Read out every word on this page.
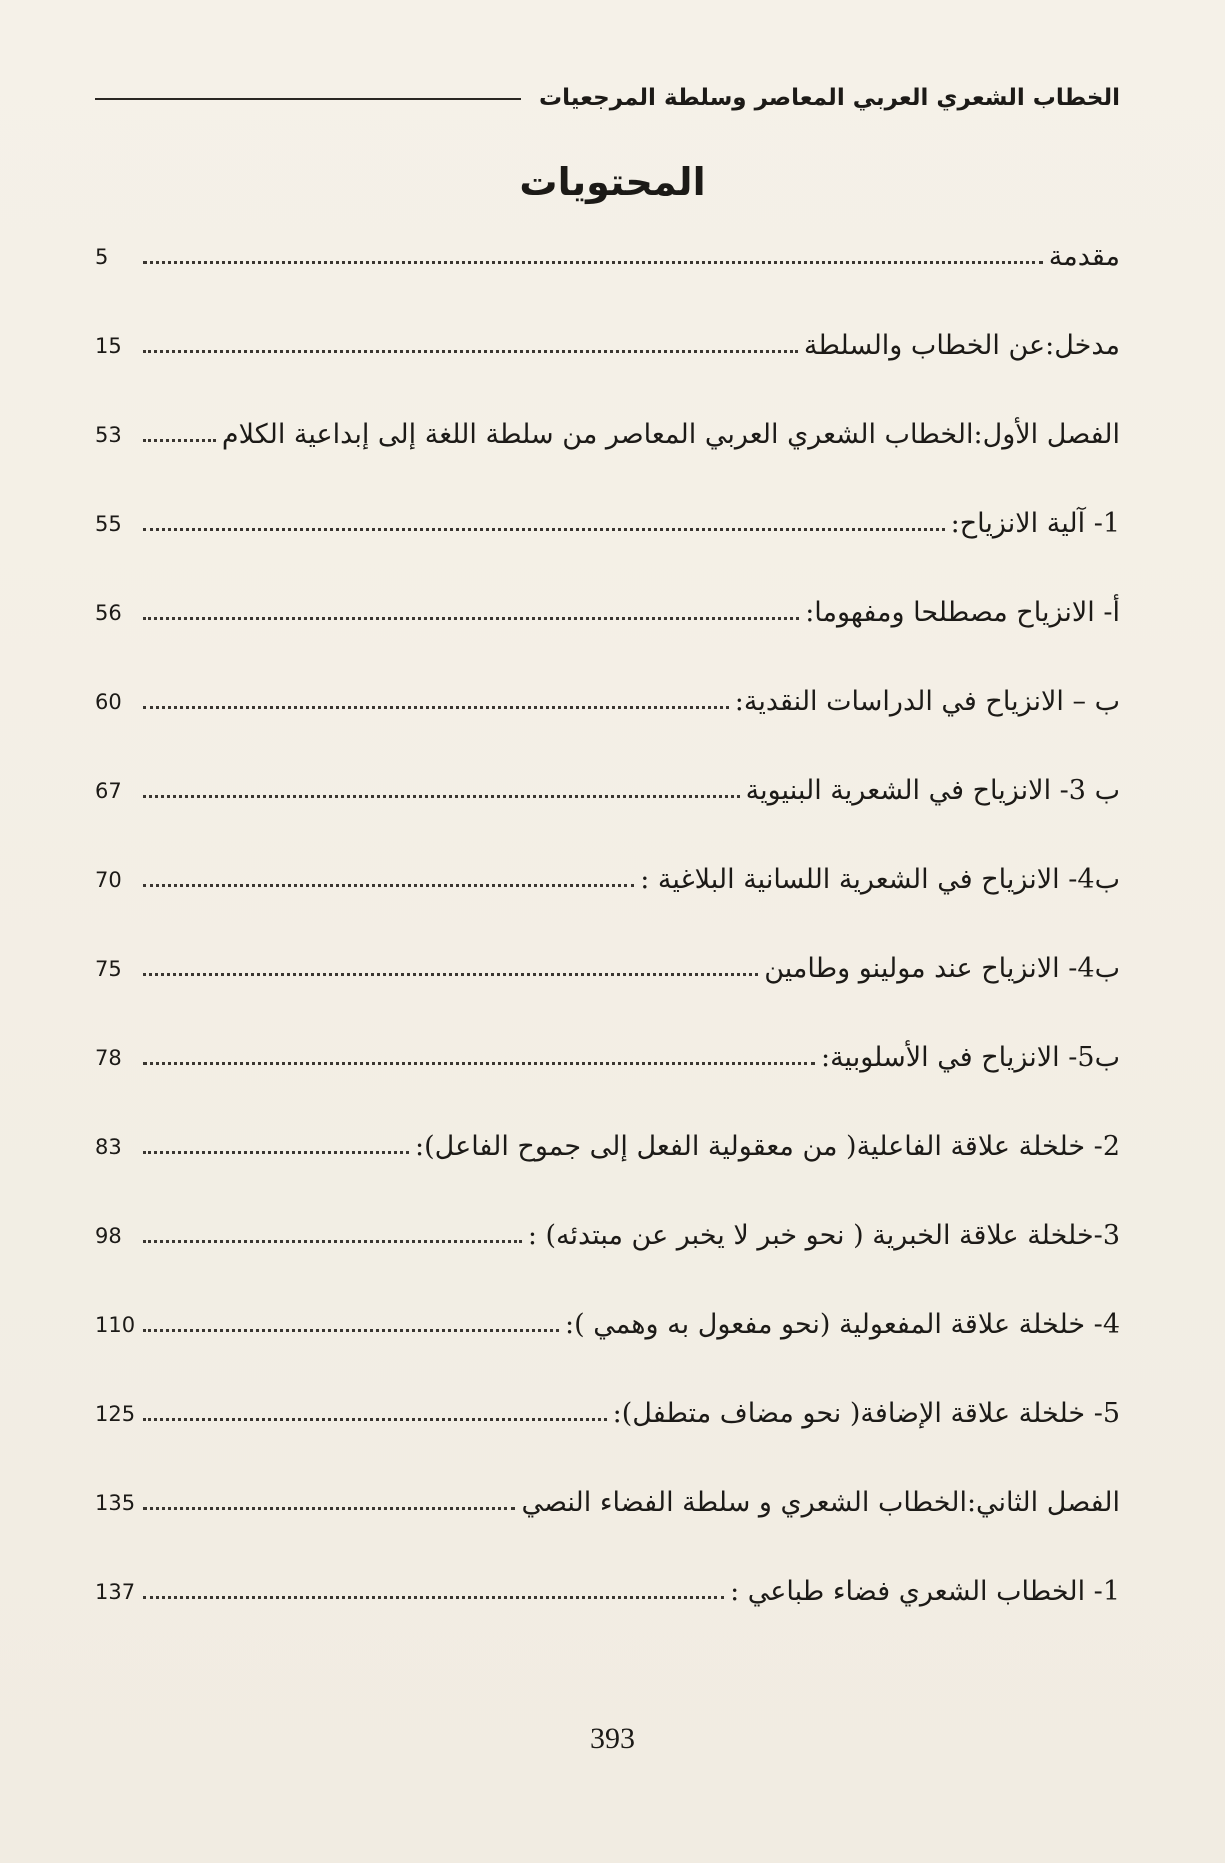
الخطاب الشعري العربي المعاصر وسلطة المرجعيات
المحتويات
مقدمة
5
مدخل:عن الخطاب والسلطة
15
الفصل الأول:الخطاب الشعري العربي المعاصر من سلطة اللغة إلى إبداعية الكلام
53
1- آلية الانزياح:
55
أ- الانزياح مصطلحا ومفهوما:
56
ب – الانزياح في الدراسات النقدية:
60
ب 3- الانزياح في الشعرية البنيوية
67
ب4- الانزياح في الشعرية اللسانية البلاغية :
70
ب4- الانزياح عند مولينو وطامين
75
ب5- الانزياح في الأسلوبية:
78
2- خلخلة علاقة الفاعلية( من معقولية الفعل إلى جموح الفاعل):
83
3-خلخلة علاقة الخبرية ( نحو خبر لا يخبر عن مبتدئه) :
98
4- خلخلة علاقة المفعولية (نحو مفعول به وهمي ):
110
5- خلخلة علاقة الإضافة( نحو مضاف متطفل):
125
الفصل الثاني:الخطاب الشعري و سلطة الفضاء النصي
135
1- الخطاب الشعري فضاء طباعي :
137
393
